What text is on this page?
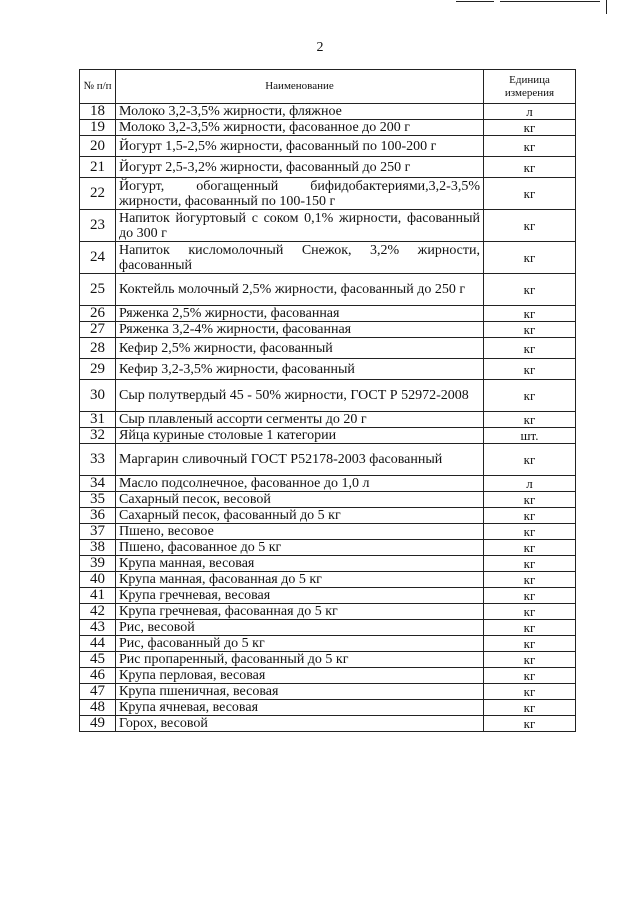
2
№ п/п	Наименование	Единица измерения
18	Молоко 3,2-3,5% жирности, фляжное	л
19	Молоко 3,2-3,5% жирности, фасованное до 200 г	кг
20	Йогурт 1,5-2,5% жирности, фасованный по 100-200 г	кг
21	Йогурт 2,5-3,2% жирности, фасованный до 250 г	кг
22	Йогурт, обогащенный бифидобактериями,3,2-3,5% жирности, фасованный по 100-150 г	кг
23	Напиток йогуртовый с соком 0,1% жирности, фасованный до 300 г	кг
24	Напиток кисломолочный Снежок, 3,2% жирности, фасованный	кг
25	Коктейль молочный 2,5% жирности, фасованный до 250 г	кг
26	Ряженка 2,5% жирности, фасованная	кг
27	Ряженка 3,2-4% жирности, фасованная	кг
28	Кефир 2,5% жирности, фасованный	кг
29	Кефир 3,2-3,5% жирности, фасованный	кг
30	Сыр полутвердый 45 - 50% жирности, ГОСТ Р 52972-2008	кг
31	Сыр плавленый ассорти сегменты до 20 г	кг
32	Яйца куриные столовые 1 категории	шт.
33	Маргарин сливочный ГОСТ Р52178-2003 фасованный	кг
34	Масло подсолнечное, фасованное до 1,0 л	л
35	Сахарный песок, весовой	кг
36	Сахарный песок, фасованный до 5 кг	кг
37	Пшено, весовое	кг
38	Пшено, фасованное до 5 кг	кг
39	Крупа манная, весовая	кг
40	Крупа манная, фасованная до 5 кг	кг
41	Крупа гречневая, весовая	кг
42	Крупа гречневая, фасованная до 5 кг	кг
43	Рис, весовой	кг
44	Рис, фасованный до 5 кг	кг
45	Рис пропаренный, фасованный до 5 кг	кг
46	Крупа перловая, весовая	кг
47	Крупа пшеничная, весовая	кг
48	Крупа ячневая, весовая	кг
49	Горох, весовой	кг
